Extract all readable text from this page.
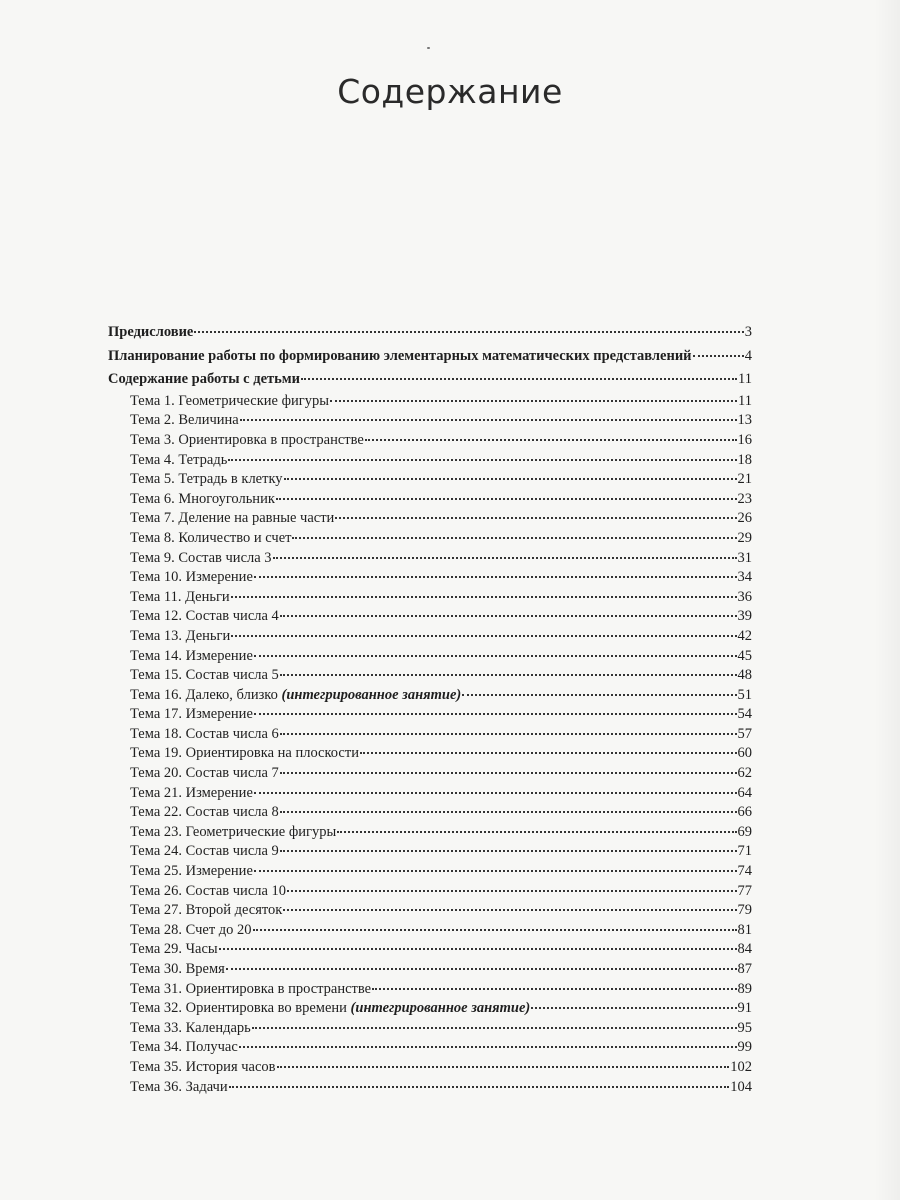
Содержание
Предисловие	3
Планирование работы по формированию элементарных математических представлений	4
Содержание работы с детьми	11
Тема 1. Геометрические фигуры	11
Тема 2. Величина	13
Тема 3. Ориентировка в пространстве	16
Тема 4. Тетрадь	18
Тема 5. Тетрадь в клетку	21
Тема 6. Многоугольник	23
Тема 7. Деление на равные части	26
Тема 8. Количество и счет	29
Тема 9. Состав числа 3	31
Тема 10. Измерение	34
Тема 11. Деньги	36
Тема 12. Состав числа 4	39
Тема 13. Деньги	42
Тема 14. Измерение	45
Тема 15. Состав числа 5	48
Тема 16. Далеко, близко (интегрированное занятие)	51
Тема 17. Измерение	54
Тема 18. Состав числа 6	57
Тема 19. Ориентировка на плоскости	60
Тема 20. Состав числа 7	62
Тема 21. Измерение	64
Тема 22. Состав числа 8	66
Тема 23. Геометрические фигуры	69
Тема 24. Состав числа 9	71
Тема 25. Измерение	74
Тема 26. Состав числа 10	77
Тема 27. Второй десяток	79
Тема 28. Счет до 20	81
Тема 29. Часы	84
Тема 30. Время	87
Тема 31. Ориентировка в пространстве	89
Тема 32. Ориентировка во времени (интегрированное занятие)	91
Тема 33. Календарь	95
Тема 34. Получас	99
Тема 35. История часов	102
Тема 36. Задачи	104
